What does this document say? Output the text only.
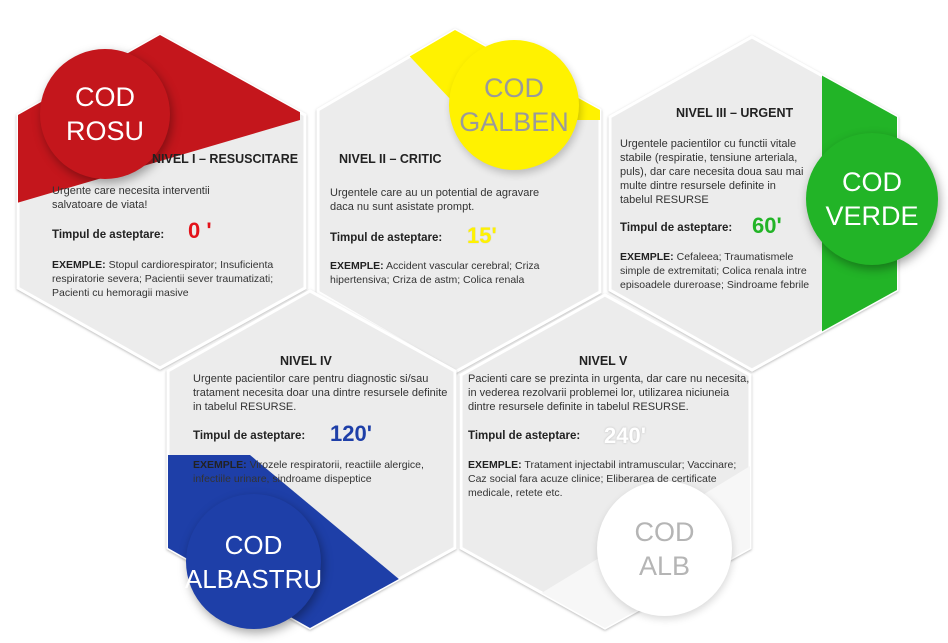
COD
ROSU
COD
GALBEN
COD
VERDE
COD
ALBASTRU
COD
ALB
NIVEL I – RESUSCITARE
Urgente care necesita interventii salvatoare de viata!
Timpul de asteptare: 0 '
EXEMPLE: Stopul cardiorespirator; Insuficienta respiratorie severa; Pacientii sever traumatizati; Pacienti cu hemoragii masive
NIVEL II – CRITIC
Urgentele care au un potential de agravare daca nu sunt asistate prompt.
Timpul de asteptare: 15'
EXEMPLE: Accident vascular cerebral; Criza hipertensiva; Criza de astm; Colica renala
NIVEL III – URGENT
Urgentele pacientilor cu functii vitale stabile (respiratie, tensiune arteriala, puls), dar care necesita doua sau mai multe dintre resursele definite in tabelul RESURSE
Timpul de asteptare: 60'
EXEMPLE: Cefaleea; Traumatismele simple de extremitati; Colica renala intre episoadele dureroase; Sindroame febrile
NIVEL IV
Urgente pacientilor care pentru diagnostic si/sau tratament necesita doar una dintre resursele definite in tabelul RESURSE.
Timpul de asteptare: 120'
EXEMPLE: Virozele respiratorii, reactiile alergice, infectiile urinare, sindroame dispeptice
NIVEL V
Pacienti care se prezinta in urgenta, dar care nu necesita, in vederea rezolvarii problemei lor, utilizarea niciuneia dintre resursele definite in tabelul RESURSE.
Timpul de asteptare: 240'
EXEMPLE: Tratament injectabil intramuscular; Vaccinare; Caz social fara acuze clinice; Eliberarea de certificate medicale, retete etc.
